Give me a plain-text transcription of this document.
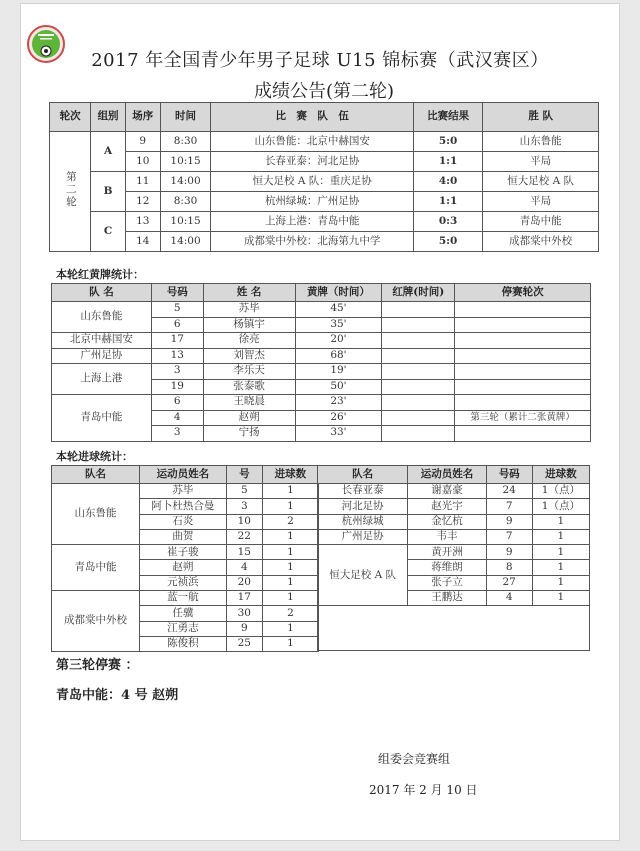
2017 年全国青少年男子足球 U15 锦标赛（武汉赛区）
成绩公告(第二轮)
轮次	组别	场序	时间	比　赛　队　伍	比赛结果	胜 队
第二轮	A	9	8:30	山东鲁能：北京中赫国安	5:0	山东鲁能
		10	10:15	长春亚泰：河北足协	1:1	平局
	B	11	14:00	恒大足校 A 队：重庆足协	4:0	恒大足校 A 队
		12	8:30	杭州绿城：广州足协	1:1	平局
	C	13	10:15	上海上港：青岛中能	0:3	青岛中能
		14	14:00	成都棠中外校：北海第九中学	5:0	成都棠中外校
本轮红黄牌统计：
队 名	号码	姓 名	黄牌（时间）	红牌(时间)	停赛轮次
山东鲁能	5	苏毕	45'		
	6	杨镇宇	35'		
北京中赫国安	17	徐亮	20'		
广州足协	13	刘智杰	68'		
上海上港	3	李乐天	19'		
	19	张泰歌	50'		
青岛中能	6	王晓晨	23'		
	4	赵朔	26'		第三轮（累计二张黄牌）
	3	宁扬	33'		
本轮进球统计：
队名	运动员姓名	号	进球数
山东鲁能	苏毕	5	1
	阿卜杜热合曼	3	1
	石炎	10	2
	曲贺	22	1
青岛中能	崔子骏	15	1
	赵朔	4	1
	元祯浜	20	1
成都棠中外校	蓝一航	17	1
	任骥	30	2
	江勇志	9	1
	陈俊积	25	1
队名	运动员姓名	号码	进球数
长春亚泰	谢嘉豪	24	1（点）
河北足协	赵光宇	7	1（点）
杭州绿城	金忆杭	9	1
广州足协	韦丰	7	1
恒大足校 A 队	黄开洲	9	1
	蒋维朗	8	1
	张子立	27	1
	王鹏达	4	1

第三轮停赛 ：
青岛中能：4 号 赵朔
组委会竞赛组
2017 年 2 月 10 日
